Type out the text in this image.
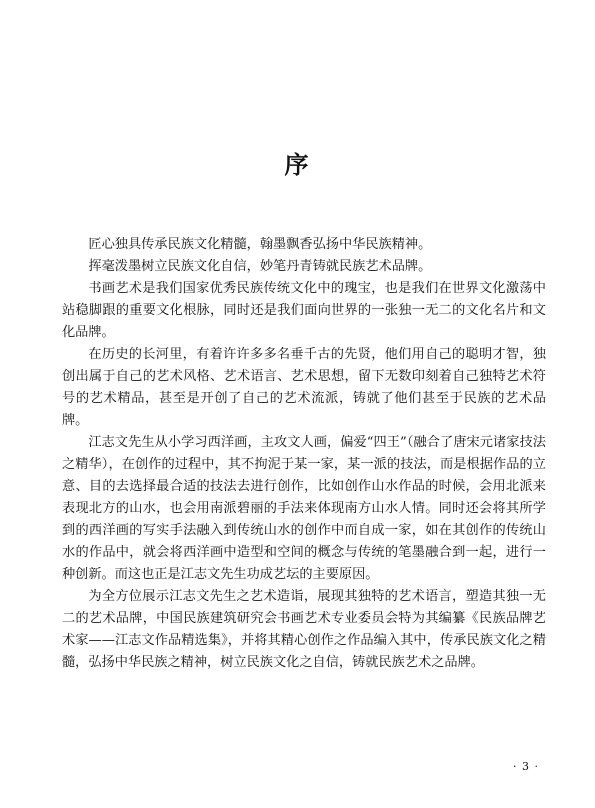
序

匠心独具传承民族文化精髓，翰墨飘香弘扬中华民族精神。

挥毫泼墨树立民族文化自信，妙笔丹青铸就民族艺术品牌。

书画艺术是我们国家优秀民族传统文化中的瑰宝，也是我们在世界文化激荡中站稳脚跟的重要文化根脉，同时还是我们面向世界的一张独一无二的文化名片和文化品牌。

在历史的长河里，有着许许多多名垂千古的先贤，他们用自己的聪明才智，独创出属于自己的艺术风格、艺术语言、艺术思想，留下无数印刻着自己独特艺术符号的艺术精品，甚至是开创了自己的艺术流派，铸就了他们甚至于民族的艺术品牌。

江志文先生从小学习西洋画，主攻文人画，偏爱“四王”（融合了唐宋元诸家技法之精华），在创作的过程中，其不拘泥于某一家，某一派的技法，而是根据作品的立意、目的去选择最合适的技法去进行创作，比如创作山水作品的时候，会用北派来表现北方的山水，也会用南派碧丽的手法来体现南方山水人情。同时还会将其所学到的西洋画的写实手法融入到传统山水的创作中而自成一家，如在其创作的传统山水的作品中，就会将西洋画中造型和空间的概念与传统的笔墨融合到一起，进行一种创新。而这也正是江志文先生功成艺坛的主要原因。

为全方位展示江志文先生之艺术造诣，展现其独特的艺术语言，塑造其独一无二的艺术品牌，中国民族建筑研究会书画艺术专业委员会特为其编纂《民族品牌艺术家——江志文作品精选集》，并将其精心创作之作品编入其中，传承民族文化之精髓，弘扬中华民族之精神，树立民族文化之自信，铸就民族艺术之品牌。

· 3 ·
